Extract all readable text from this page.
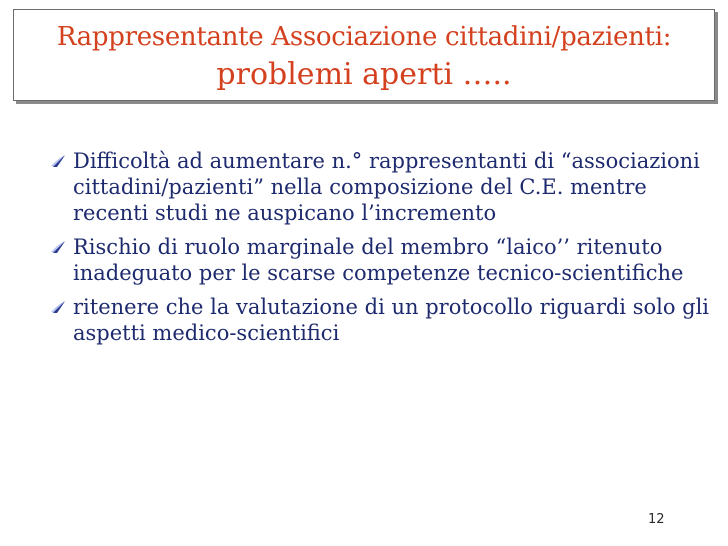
Rappresentante Associazione cittadini/pazienti:
problemi aperti …..
Difficoltà ad aumentare n.° rappresentanti di “associazioni cittadini/pazienti” nella composizione del C.E. mentre recenti studi ne auspicano l’incremento
Rischio di ruolo marginale del membro “laico’’ ritenuto inadeguato per le scarse competenze tecnico-scientifiche
ritenere che la valutazione di un protocollo riguardi solo gli aspetti medico-scientifici
12
